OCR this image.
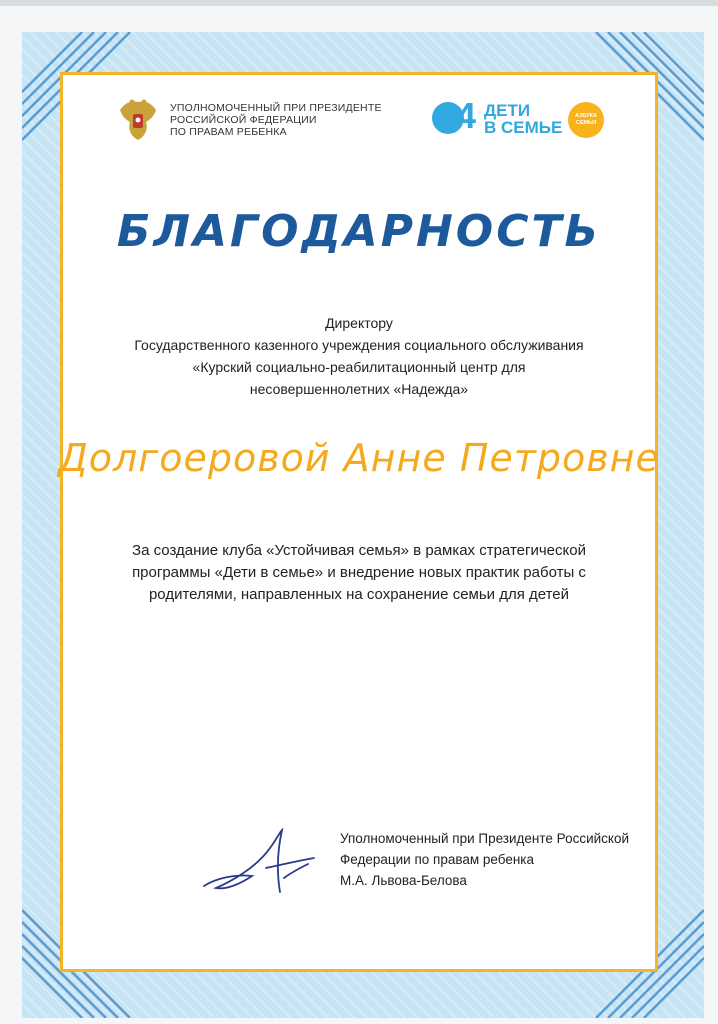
УПОЛНОМОЧЕННЫЙ ПРИ ПРЕЗИДЕНТЕ
РОССИЙСКОЙ ФЕДЕРАЦИИ
ПО ПРАВАМ РЕБЕНКА	4 ДЕТИ
В СЕМЬЕ
АЗБУКА
СЕМЬИ
БЛАГОДАРНОСТЬ
Директору
Государственного казенного учреждения социального обслуживания
«Курский социально-реабилитационный центр для
несовершеннолетних «Надежда»
Долгоеровой Анне Петровне
За создание клуба «Устойчивая семья» в рамках стратегической
программы «Дети в семье» и внедрение новых практик работы с
родителями, направленных на сохранение семьи для детей
Уполномоченный при Президенте Российской
Федерации по правам ребенка
М.А. Львова-Белова
